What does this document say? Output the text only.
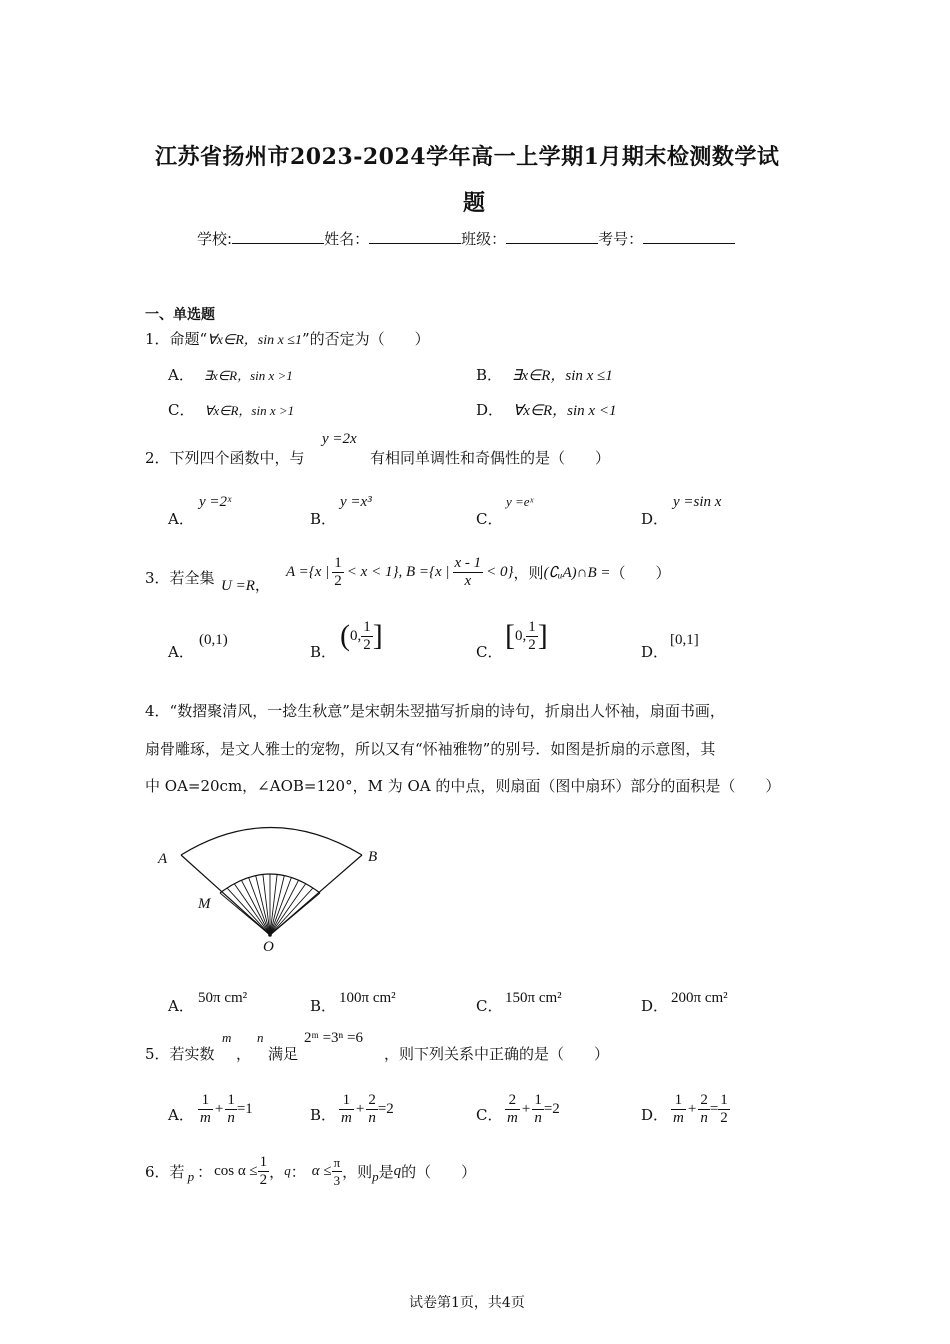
江苏省扬州市2023-2024学年高一上学期1月期末检测数学试
题
学校:	姓名：	班级：	考号：
一、单选题
1．命题“∀x∈R，sin x ≤1”的否定为（　　）
A． ∃x∈R，sin x >1	B． ∃x∈R，sin x ≤1
C． ∀x∈R，sin x >1	D． ∀x∈R，sin x <1
2．下列四个函数中，与
y =2x
有相同单调性和奇偶性的是（　　）
A．
y =2ˣ
B．
y =x³
C．
y =eˣ
D．
y =sin x
3．若全集 U =R，
A ={x | $\frac{1}{2} < x < 1$}, B ={x | $\frac{x - 1}{x} < 0$} ，则 (∁ᵤA)∩B = （　　）
A．
(0,1)
B． ( 0, $\frac{1}{2}$ ]	C． [ 0, $\frac{1}{2}$ ]	D．
[0,1]
4．“数摺聚清风，一捻生秋意”是宋朝朱翌描写折扇的诗句，折扇出人怀袖，扇面书画，
扇骨雕琢，是文人雅士的宠物，所以又有“怀袖雅物”的别号．如图是折扇的示意图，其
中 OA=20cm，∠AOB=120°，M 为 OA 的中点，则扇面（图中扇环）部分的面积是（　　）
A	B
M
O
A． 50π cm²	B． 100π cm²	C． 150π cm²	D． 200π cm²
5．若实数
m
，
n
满足
2ᵐ =3ⁿ =6
，则下列关系中正确的是（　　）
A． $\frac{1}{m} + \frac{1}{n} =1$	B． $\frac{1}{m} + \frac{2}{n} =2$	C． $\frac{2}{m} + \frac{1}{n} =2$	D． $\frac{1}{m} + \frac{2}{n} = \frac{1}{2}$
6． 若 p ： $\cos \alpha \le \frac{1}{2}$ ， q ： $\alpha \le \frac{\pi}{3}$ ，则 p 是 q 的（　　）
试卷第1页，共4页
